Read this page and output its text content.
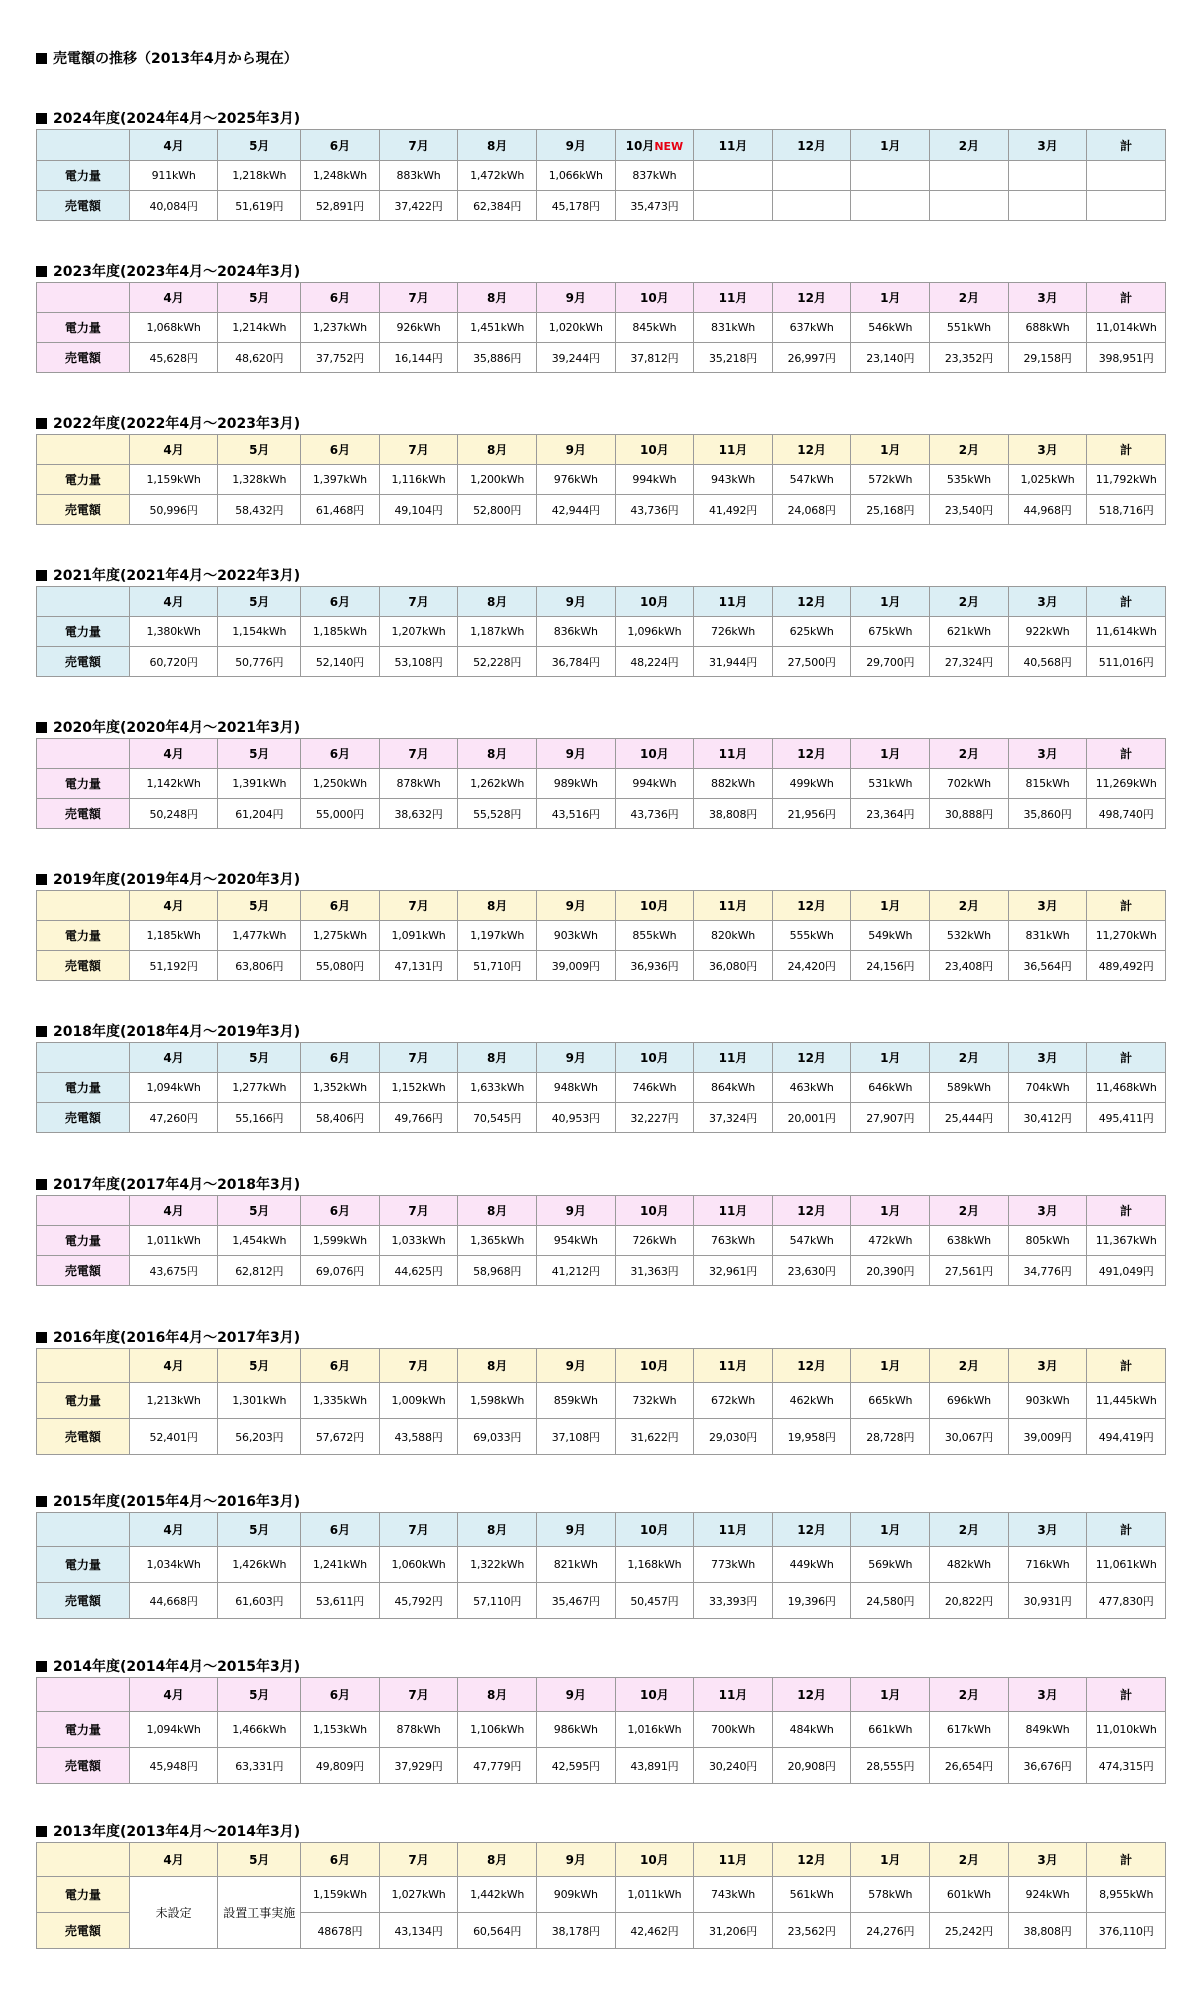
売電額の推移（2013年4月から現在）
2024年度(2024年4月〜2025年3月)
	4月	5月	6月	7月	8月	9月	10月NEW	11月	12月	1月	2月	3月	計
電力量	911kWh	1,218kWh	1,248kWh	883kWh	1,472kWh	1,066kWh	837kWh						
売電額	40,084円	51,619円	52,891円	37,422円	62,384円	45,178円	35,473円						
2023年度(2023年4月〜2024年3月)
	4月	5月	6月	7月	8月	9月	10月	11月	12月	1月	2月	3月	計
電力量	1,068kWh	1,214kWh	1,237kWh	926kWh	1,451kWh	1,020kWh	845kWh	831kWh	637kWh	546kWh	551kWh	688kWh	11,014kWh
売電額	45,628円	48,620円	37,752円	16,144円	35,886円	39,244円	37,812円	35,218円	26,997円	23,140円	23,352円	29,158円	398,951円
2022年度(2022年4月〜2023年3月)
	4月	5月	6月	7月	8月	9月	10月	11月	12月	1月	2月	3月	計
電力量	1,159kWh	1,328kWh	1,397kWh	1,116kWh	1,200kWh	976kWh	994kWh	943kWh	547kWh	572kWh	535kWh	1,025kWh	11,792kWh
売電額	50,996円	58,432円	61,468円	49,104円	52,800円	42,944円	43,736円	41,492円	24,068円	25,168円	23,540円	44,968円	518,716円
2021年度(2021年4月〜2022年3月)
	4月	5月	6月	7月	8月	9月	10月	11月	12月	1月	2月	3月	計
電力量	1,380kWh	1,154kWh	1,185kWh	1,207kWh	1,187kWh	836kWh	1,096kWh	726kWh	625kWh	675kWh	621kWh	922kWh	11,614kWh
売電額	60,720円	50,776円	52,140円	53,108円	52,228円	36,784円	48,224円	31,944円	27,500円	29,700円	27,324円	40,568円	511,016円
2020年度(2020年4月〜2021年3月)
	4月	5月	6月	7月	8月	9月	10月	11月	12月	1月	2月	3月	計
電力量	1,142kWh	1,391kWh	1,250kWh	878kWh	1,262kWh	989kWh	994kWh	882kWh	499kWh	531kWh	702kWh	815kWh	11,269kWh
売電額	50,248円	61,204円	55,000円	38,632円	55,528円	43,516円	43,736円	38,808円	21,956円	23,364円	30,888円	35,860円	498,740円
2019年度(2019年4月〜2020年3月)
	4月	5月	6月	7月	8月	9月	10月	11月	12月	1月	2月	3月	計
電力量	1,185kWh	1,477kWh	1,275kWh	1,091kWh	1,197kWh	903kWh	855kWh	820kWh	555kWh	549kWh	532kWh	831kWh	11,270kWh
売電額	51,192円	63,806円	55,080円	47,131円	51,710円	39,009円	36,936円	36,080円	24,420円	24,156円	23,408円	36,564円	489,492円
2018年度(2018年4月〜2019年3月)
	4月	5月	6月	7月	8月	9月	10月	11月	12月	1月	2月	3月	計
電力量	1,094kWh	1,277kWh	1,352kWh	1,152kWh	1,633kWh	948kWh	746kWh	864kWh	463kWh	646kWh	589kWh	704kWh	11,468kWh
売電額	47,260円	55,166円	58,406円	49,766円	70,545円	40,953円	32,227円	37,324円	20,001円	27,907円	25,444円	30,412円	495,411円
2017年度(2017年4月〜2018年3月)
	4月	5月	6月	7月	8月	9月	10月	11月	12月	1月	2月	3月	計
電力量	1,011kWh	1,454kWh	1,599kWh	1,033kWh	1,365kWh	954kWh	726kWh	763kWh	547kWh	472kWh	638kWh	805kWh	11,367kWh
売電額	43,675円	62,812円	69,076円	44,625円	58,968円	41,212円	31,363円	32,961円	23,630円	20,390円	27,561円	34,776円	491,049円
2016年度(2016年4月〜2017年3月)
	4月	5月	6月	7月	8月	9月	10月	11月	12月	1月	2月	3月	計
電力量	1,213kWh	1,301kWh	1,335kWh	1,009kWh	1,598kWh	859kWh	732kWh	672kWh	462kWh	665kWh	696kWh	903kWh	11,445kWh
売電額	52,401円	56,203円	57,672円	43,588円	69,033円	37,108円	31,622円	29,030円	19,958円	28,728円	30,067円	39,009円	494,419円
2015年度(2015年4月〜2016年3月)
	4月	5月	6月	7月	8月	9月	10月	11月	12月	1月	2月	3月	計
電力量	1,034kWh	1,426kWh	1,241kWh	1,060kWh	1,322kWh	821kWh	1,168kWh	773kWh	449kWh	569kWh	482kWh	716kWh	11,061kWh
売電額	44,668円	61,603円	53,611円	45,792円	57,110円	35,467円	50,457円	33,393円	19,396円	24,580円	20,822円	30,931円	477,830円
2014年度(2014年4月〜2015年3月)
	4月	5月	6月	7月	8月	9月	10月	11月	12月	1月	2月	3月	計
電力量	1,094kWh	1,466kWh	1,153kWh	878kWh	1,106kWh	986kWh	1,016kWh	700kWh	484kWh	661kWh	617kWh	849kWh	11,010kWh
売電額	45,948円	63,331円	49,809円	37,929円	47,779円	42,595円	43,891円	30,240円	20,908円	28,555円	26,654円	36,676円	474,315円
2013年度(2013年4月〜2014年3月)
	4月	5月	6月	7月	8月	9月	10月	11月	12月	1月	2月	3月	計
電力量	未設定	設置工事実施	1,159kWh	1,027kWh	1,442kWh	909kWh	1,011kWh	743kWh	561kWh	578kWh	601kWh	924kWh	8,955kWh
売電額			48678円	43,134円	60,564円	38,178円	42,462円	31,206円	23,562円	24,276円	25,242円	38,808円	376,110円
